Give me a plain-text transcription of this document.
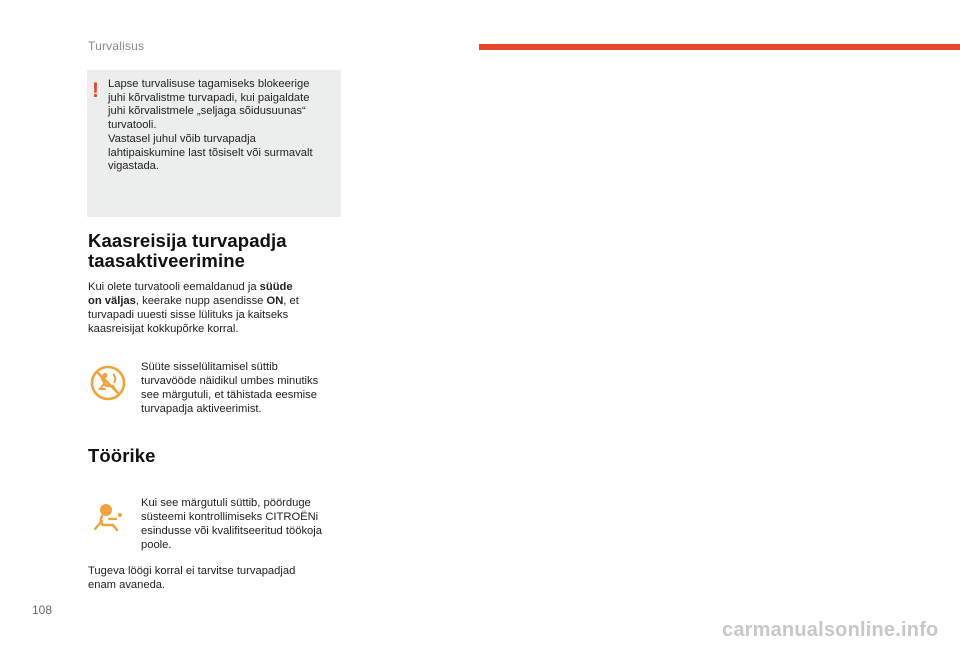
Turvalisus
! Lapse turvalisuse tagamiseks blokeerige

juhi kõrvalistme turvapadi, kui paigaldate

juhi kõrvalistmele „seljaga sõidusuunas“

turvatooli.

Vastasel juhul võib turvapadja

lahtipaiskumine last tõsiselt või surmavalt

vigastada.

Kaasreisija turvapadja
taasaktiveerimine
Kui olete turvatooli eemaldanud ja süüde
on väljas, keerake nupp asendisse ON, et
turvapadi uuesti sisse lülituks ja kaitseks
kaasreisijat kokkupõrke korral.
Süüte sisselülitamisel süttib
turvavööde näidikul umbes minutiks
see märgutuli, et tähistada eesmise
turvapadja aktiveerimist.
Töörike
Kui see märgutuli süttib, pöörduge
süsteemi kontrollimiseks CITROËNi
esindusse või kvalifitseeritud töökoja
poole.
Tugeva löögi korral ei tarvitse turvapadjad
enam avaneda.
108
carmanualsonline.info
